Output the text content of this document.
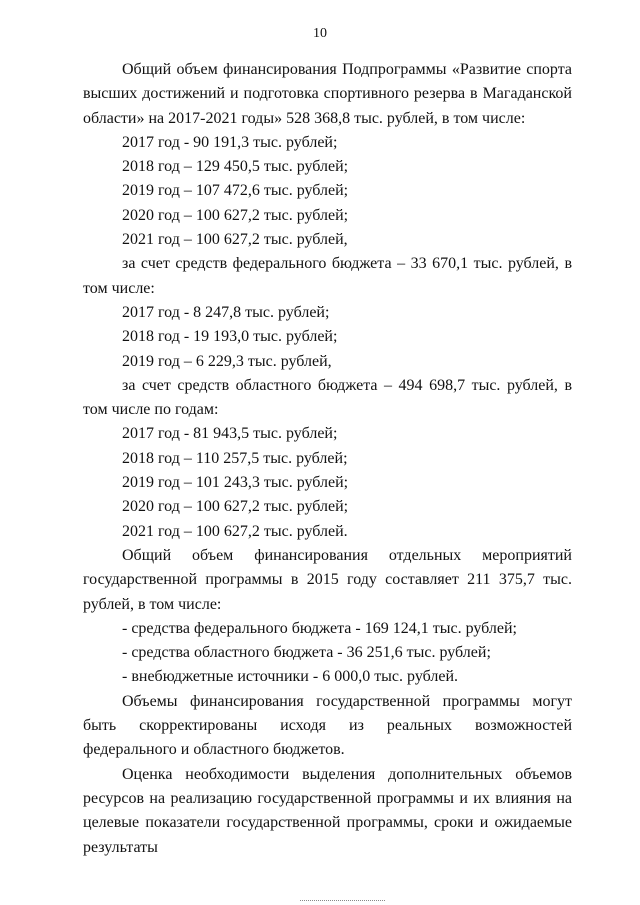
10

Общий объем финансирования Подпрограммы «Развитие спорта высших достижений и подготовка спортивного резерва в Магаданской области» на 2017-2021 годы» 528 368,8 тыс. рублей, в том числе:

2017 год - 90 191,3 тыс. рублей;

2018 год – 129 450,5 тыс. рублей;

2019 год – 107 472,6 тыс. рублей;

2020 год – 100 627,2 тыс. рублей;

2021 год – 100 627,2 тыс. рублей,

за счет средств федерального бюджета – 33 670,1 тыс. рублей, в том числе:

2017 год - 8 247,8 тыс. рублей;

2018 год - 19 193,0 тыс. рублей;

2019 год – 6 229,3 тыс. рублей,

за счет средств областного бюджета – 494 698,7 тыс. рублей, в том числе по годам:

2017 год - 81 943,5 тыс. рублей;

2018 год – 110 257,5 тыс. рублей;

2019 год – 101 243,3 тыс. рублей;

2020 год – 100 627,2 тыс. рублей;

2021 год – 100 627,2 тыс. рублей.

Общий объем финансирования отдельных мероприятий государственной программы в 2015 году составляет 211 375,7 тыс. рублей, в том числе:

- средства федерального бюджета - 169 124,1 тыс. рублей;

- средства областного бюджета - 36 251,6 тыс. рублей;

- внебюджетные источники - 6 000,0 тыс. рублей.

Объемы финансирования государственной программы могут быть скорректированы исходя из реальных возможностей федерального и областного бюджетов.

Оценка необходимости выделения дополнительных объемов ресурсов на реализацию государственной программы и их влияния на целевые показатели государственной программы, сроки и ожидаемые результаты
